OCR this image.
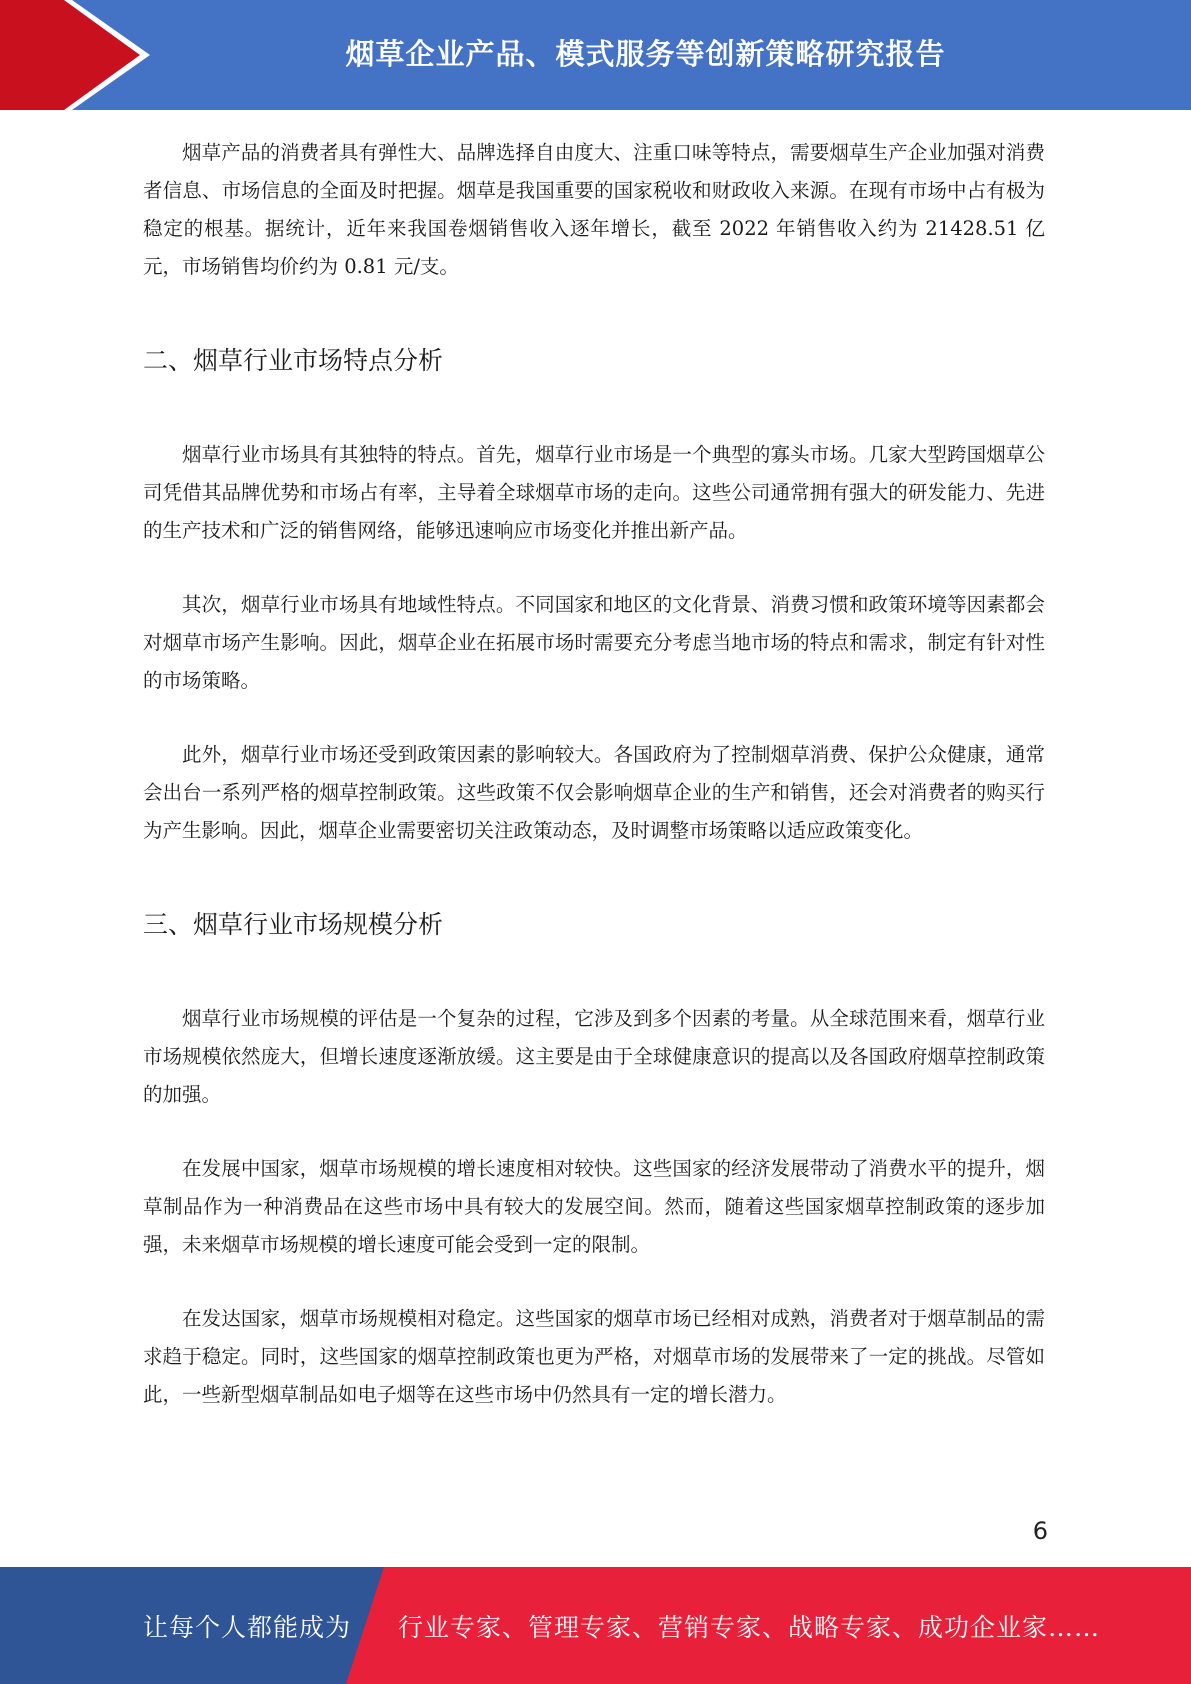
烟草企业产品、模式服务等创新策略研究报告

烟草产品的消费者具有弹性大、品牌选择自由度大、注重口味等特点，需要烟草生产企业加强对消费者信息、市场信息的全面及时把握。烟草是我国重要的国家税收和财政收入来源。在现有市场中占有极为稳定的根基。据统计，近年来我国卷烟销售收入逐年增长，截至 2022 年销售收入约为 21428.51 亿元，市场销售均价约为 0.81 元/支。

二、烟草行业市场特点分析

烟草行业市场具有其独特的特点。首先，烟草行业市场是一个典型的寡头市场。几家大型跨国烟草公司凭借其品牌优势和市场占有率，主导着全球烟草市场的走向。这些公司通常拥有强大的研发能力、先进的生产技术和广泛的销售网络，能够迅速响应市场变化并推出新产品。

其次，烟草行业市场具有地域性特点。不同国家和地区的文化背景、消费习惯和政策环境等因素都会对烟草市场产生影响。因此，烟草企业在拓展市场时需要充分考虑当地市场的特点和需求，制定有针对性的市场策略。

此外，烟草行业市场还受到政策因素的影响较大。各国政府为了控制烟草消费、保护公众健康，通常会出台一系列严格的烟草控制政策。这些政策不仅会影响烟草企业的生产和销售，还会对消费者的购买行为产生影响。因此，烟草企业需要密切关注政策动态，及时调整市场策略以适应政策变化。

三、烟草行业市场规模分析

烟草行业市场规模的评估是一个复杂的过程，它涉及到多个因素的考量。从全球范围来看，烟草行业市场规模依然庞大，但增长速度逐渐放缓。这主要是由于全球健康意识的提高以及各国政府烟草控制政策的加强。

在发展中国家，烟草市场规模的增长速度相对较快。这些国家的经济发展带动了消费水平的提升，烟草制品作为一种消费品在这些市场中具有较大的发展空间。然而，随着这些国家烟草控制政策的逐步加强，未来烟草市场规模的增长速度可能会受到一定的限制。

在发达国家，烟草市场规模相对稳定。这些国家的烟草市场已经相对成熟，消费者对于烟草制品的需求趋于稳定。同时，这些国家的烟草控制政策也更为严格，对烟草市场的发展带来了一定的挑战。尽管如此，一些新型烟草制品如电子烟等在这些市场中仍然具有一定的增长潜力。

6
让每个人都能成为 行业专家、管理专家、营销专家、战略专家、成功企业家……
